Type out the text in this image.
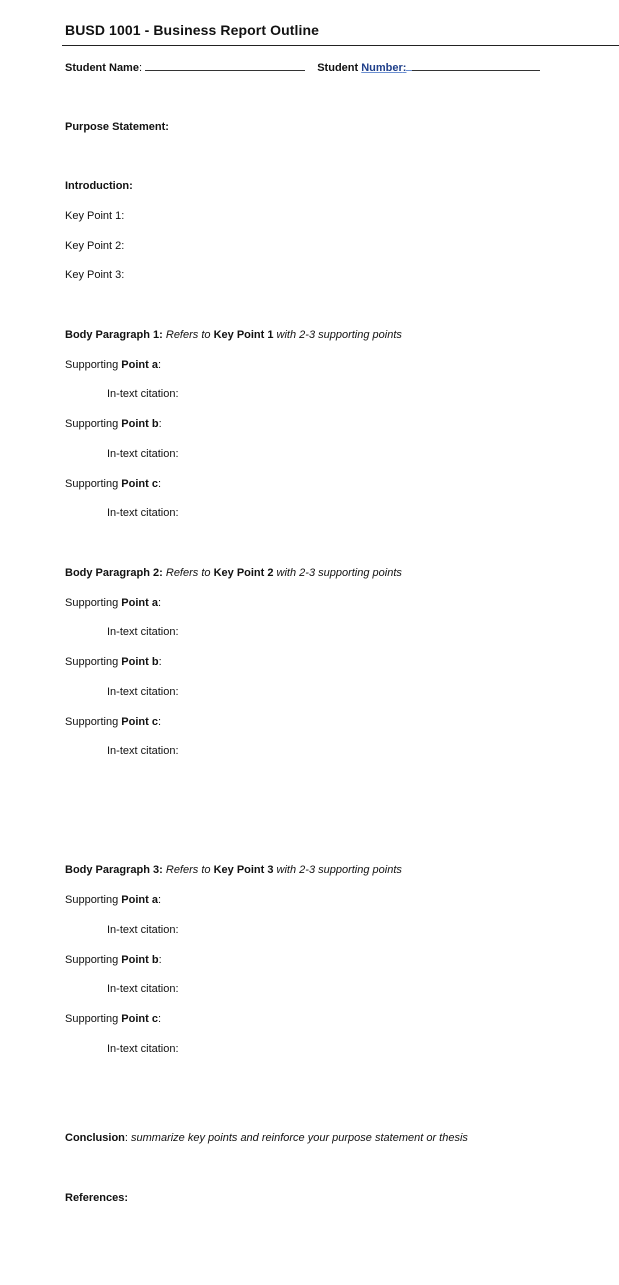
BUSD 1001 - Business Report Outline
Student Name:	Student Number:
Purpose Statement:
Introduction:
Key Point 1:
Key Point 2:
Key Point 3:
Body Paragraph 1: Refers to Key Point 1 with 2-3 supporting points
Supporting Point a:
In-text citation:
Supporting Point b:
In-text citation:
Supporting Point c:
In-text citation:
Body Paragraph 2: Refers to Key Point 2 with 2-3 supporting points
Supporting Point a:
In-text citation:
Supporting Point b:
In-text citation:
Supporting Point c:
In-text citation:
Body Paragraph 3: Refers to Key Point 3 with 2-3 supporting points
Supporting Point a:
In-text citation:
Supporting Point b:
In-text citation:
Supporting Point c:
In-text citation:
Conclusion: summarize key points and reinforce your purpose statement or thesis
References:
